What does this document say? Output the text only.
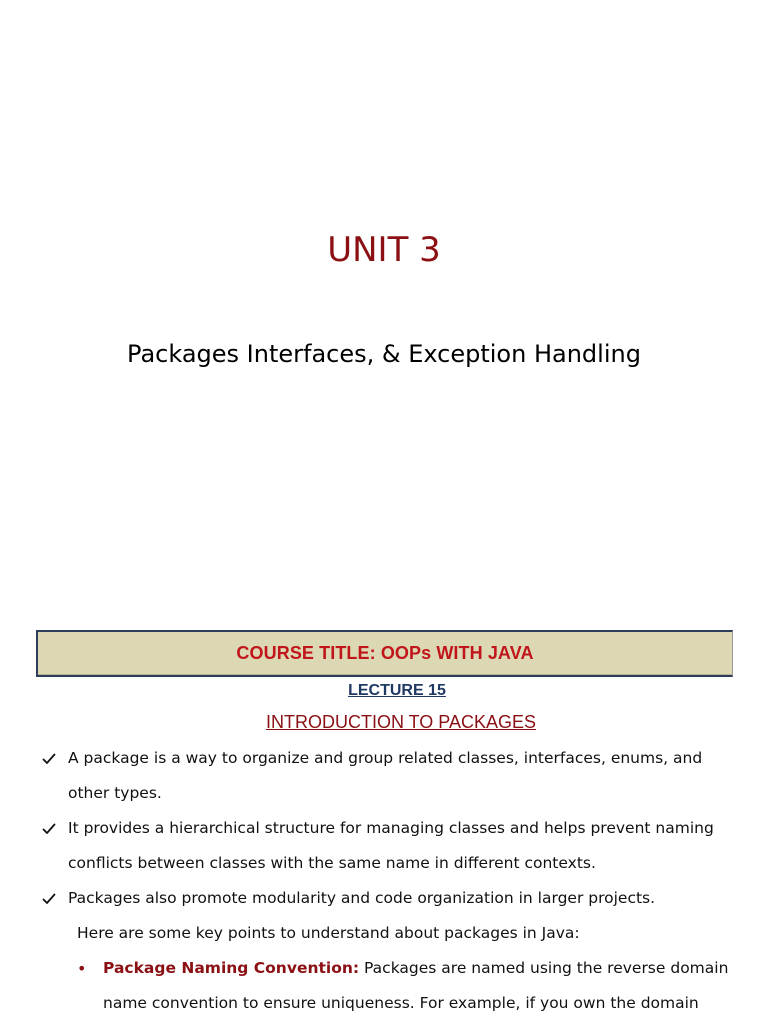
UNIT 3
Packages Interfaces, & Exception Handling
COURSE TITLE: OOPs WITH JAVA
LECTURE 15
INTRODUCTION TO PACKAGES
A package is a way to organize and group related classes, interfaces, enums, and other types.
It provides a hierarchical structure for managing classes and helps prevent naming conflicts between classes with the same name in different contexts.
Packages also promote modularity and code organization in larger projects.
Here are some key points to understand about packages in Java:
• Package Naming Convention: Packages are named using the reverse domain name convention to ensure uniqueness. For example, if you own the domain
